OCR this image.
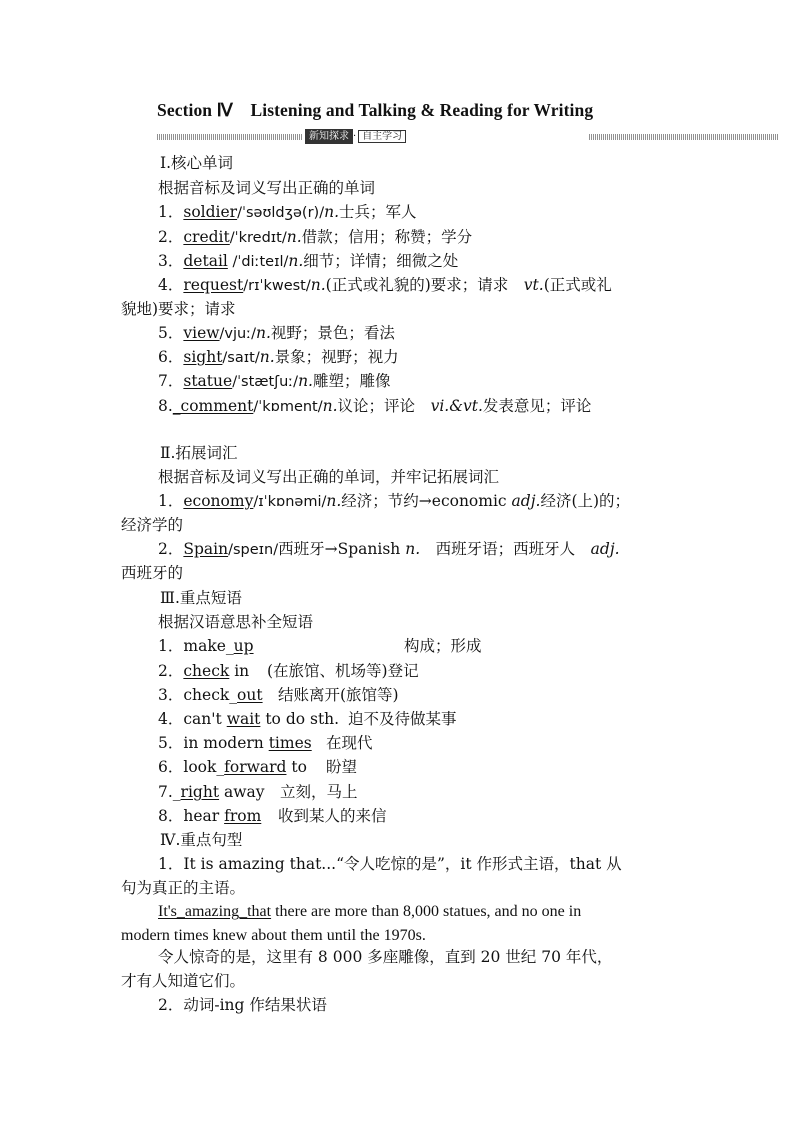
Section Ⅳ　Listening and Talking & Reading for Writing
新知探求 · 自主学习
Ⅰ.核心单词
根据音标及词义写出正确的单词
1．soldier/ˈsəʊldʒə(r)/n.士兵；军人
2．credit/ˈkredɪt/n.借款；信用；称赞；学分
3．detail /ˈdiːteɪl/n.细节；详情；细微之处
4．request/rɪˈkwest/n.(正式或礼貌的)要求；请求　vt.(正式或礼
貌地)要求；请求
5．view/vjuː/n.视野；景色；看法
6．sight/saɪt/n.景象；视野；视力
7．statue/ˈstætʃuː/n.雕塑；雕像
8._comment/ˈkɒment/n.议论；评论　vi.&vt.发表意见；评论
Ⅱ.拓展词汇
根据音标及词义写出正确的单词，并牢记拓展词汇
1．economy/ɪˈkɒnəmi/n.经济；节约→economic adj.经济(上)的；
经济学的
2．Spain/speɪn/西班牙→Spanish n.　西班牙语；西班牙人　adj.
西班牙的
Ⅲ.重点短语
根据汉语意思补全短语
1．make_up	构成；形成
2．check in (在旅馆、机场等)登记
3．check_out 结账离开(旅馆等)
4．can't wait to do sth. 迫不及待做某事
5．in modern times 在现代
6．look_forward to 盼望
7._right away 立刻，马上
8．hear from 收到某人的来信
Ⅳ.重点句型
1．It is amazing that...“令人吃惊的是”，it 作形式主语，that 从
句为真正的主语。
It's_amazing_that there are more than 8,000 statues, and no one in
modern times knew about them until the 1970s.
令人惊奇的是，这里有 8 000 多座雕像，直到 20 世纪 70 年代，
才有人知道它们。
2．动词-ing 作结果状语
